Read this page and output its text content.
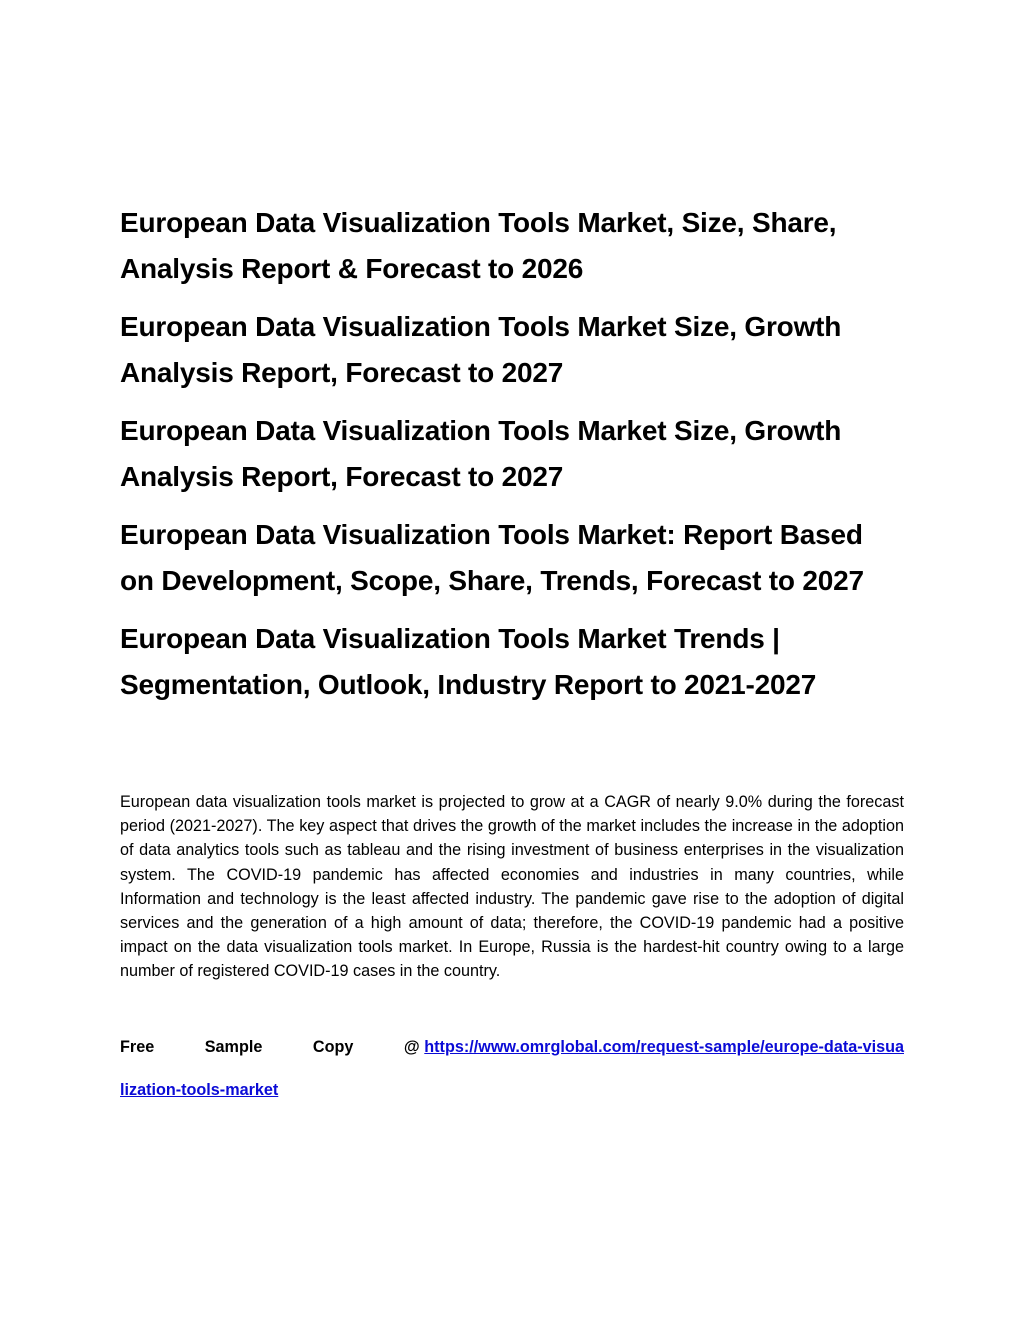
European Data Visualization Tools Market, Size, Share, Analysis Report & Forecast to 2026
European Data Visualization Tools Market Size, Growth Analysis Report, Forecast to 2027
European Data Visualization Tools Market Size, Growth Analysis Report, Forecast to 2027
European Data Visualization Tools Market: Report Based on Development, Scope, Share, Trends, Forecast to 2027
European Data Visualization Tools Market Trends | Segmentation, Outlook, Industry Report to 2021-2027

European data visualization tools market is projected to grow at a CAGR of nearly 9.0% during the forecast period (2021-2027). The key aspect that drives the growth of the market includes the increase in the adoption of data analytics tools such as tableau and the rising investment of business enterprises in the visualization system. The COVID-19 pandemic has affected economies and industries in many countries, while Information and technology is the least affected industry. The pandemic gave rise to the adoption of digital services and the generation of a high amount of data; therefore, the COVID-19 pandemic had a positive impact on the data visualization tools market. In Europe, Russia is the hardest-hit country owing to a large number of registered COVID-19 cases in the country.

Free Sample Copy @ https://www.omrglobal.com/request-sample/europe-data-visualization-tools-market
